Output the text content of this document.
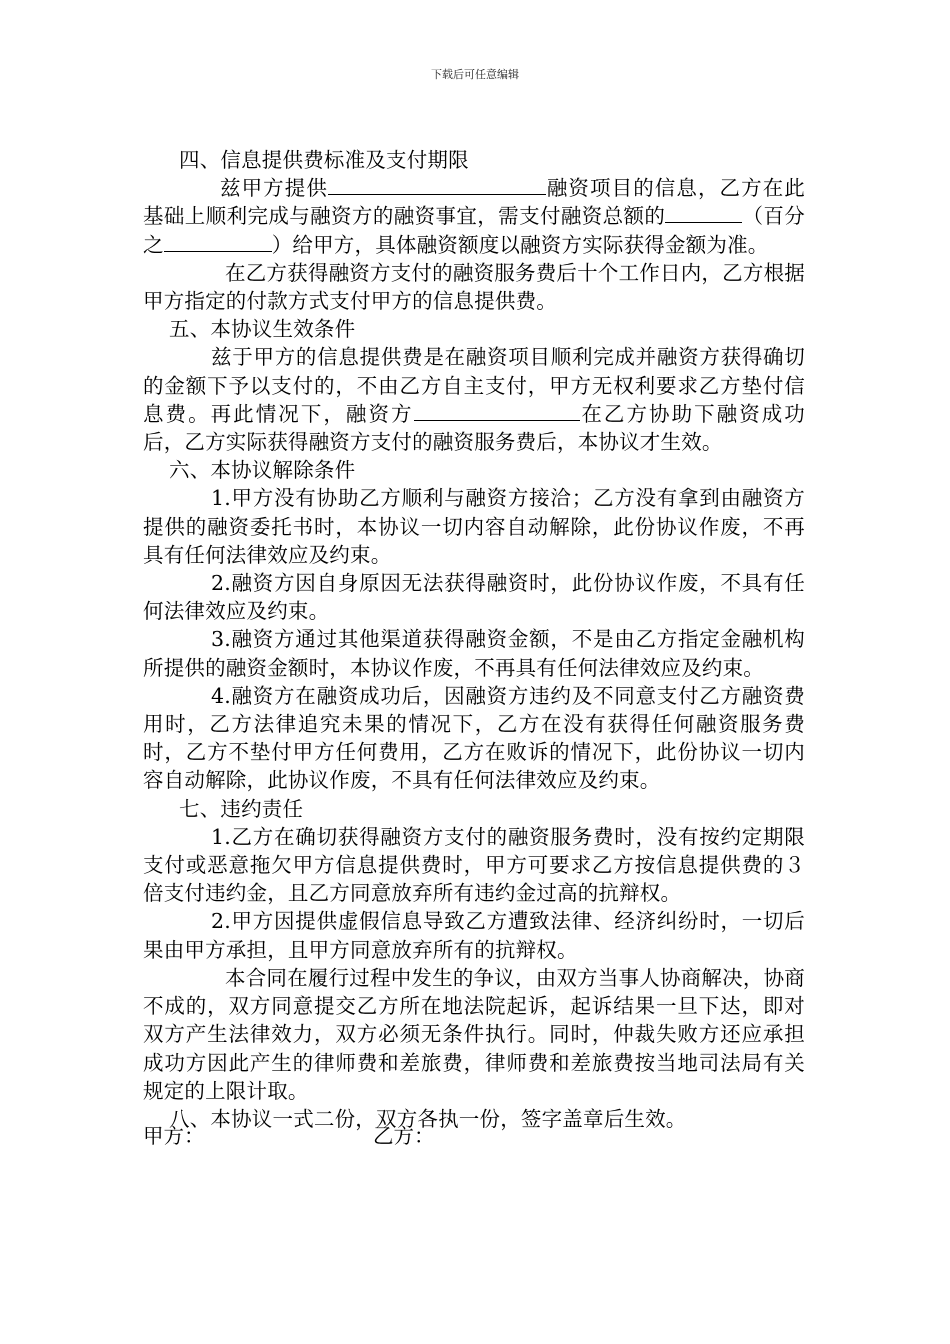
下载后可任意编辑

四、信息提供费标准及支付期限

兹甲方提供	融资项目的信息，乙方在此基础上顺利完成与融资方的融资事宜，需支付融资总额的	（百分之	）给甲方，具体融资额度以融资方实际获得金额为准。

在乙方获得融资方支付的融资服务费后十个工作日内，乙方根据甲方指定的付款方式支付甲方的信息提供费。

五、本协议生效条件

兹于甲方的信息提供费是在融资项目顺利完成并融资方获得确切的金额下予以支付的，不由乙方自主支付，甲方无权利要求乙方垫付信息费。再此情况下，融资方	在乙方协助下融资成功后，乙方实际获得融资方支付的融资服务费后，本协议才生效。

六、本协议解除条件

1.甲方没有协助乙方顺利与融资方接洽；乙方没有拿到由融资方提供的融资委托书时，本协议一切内容自动解除，此份协议作废，不再具有任何法律效应及约束。

2.融资方因自身原因无法获得融资时，此份协议作废，不具有任何法律效应及约束。

3.融资方通过其他渠道获得融资金额，不是由乙方指定金融机构所提供的融资金额时，本协议作废，不再具有任何法律效应及约束。

4.融资方在融资成功后，因融资方违约及不同意支付乙方融资费用时，乙方法律追究未果的情况下，乙方在没有获得任何融资服务费时，乙方不垫付甲方任何费用，乙方在败诉的情况下，此份协议一切内容自动解除，此协议作废，不具有任何法律效应及约束。

七、违约责任

1.乙方在确切获得融资方支付的融资服务费时，没有按约定期限支付或恶意拖欠甲方信息提供费时，甲方可要求乙方按信息提供费的３倍支付违约金，且乙方同意放弃所有违约金过高的抗辩权。

2.甲方因提供虚假信息导致乙方遭致法律、经济纠纷时，一切后果由甲方承担，且甲方同意放弃所有的抗辩权。

本合同在履行过程中发生的争议，由双方当事人协商解决，协商不成的，双方同意提交乙方所在地法院起诉，起诉结果一旦下达，即对双方产生法律效力，双方必须无条件执行。同时，仲裁失败方还应承担成功方因此产生的律师费和差旅费，律师费和差旅费按当地司法局有关规定的上限计取。

八、本协议一式二份，双方各执一份，签字盖章后生效。

甲方：	乙方：
